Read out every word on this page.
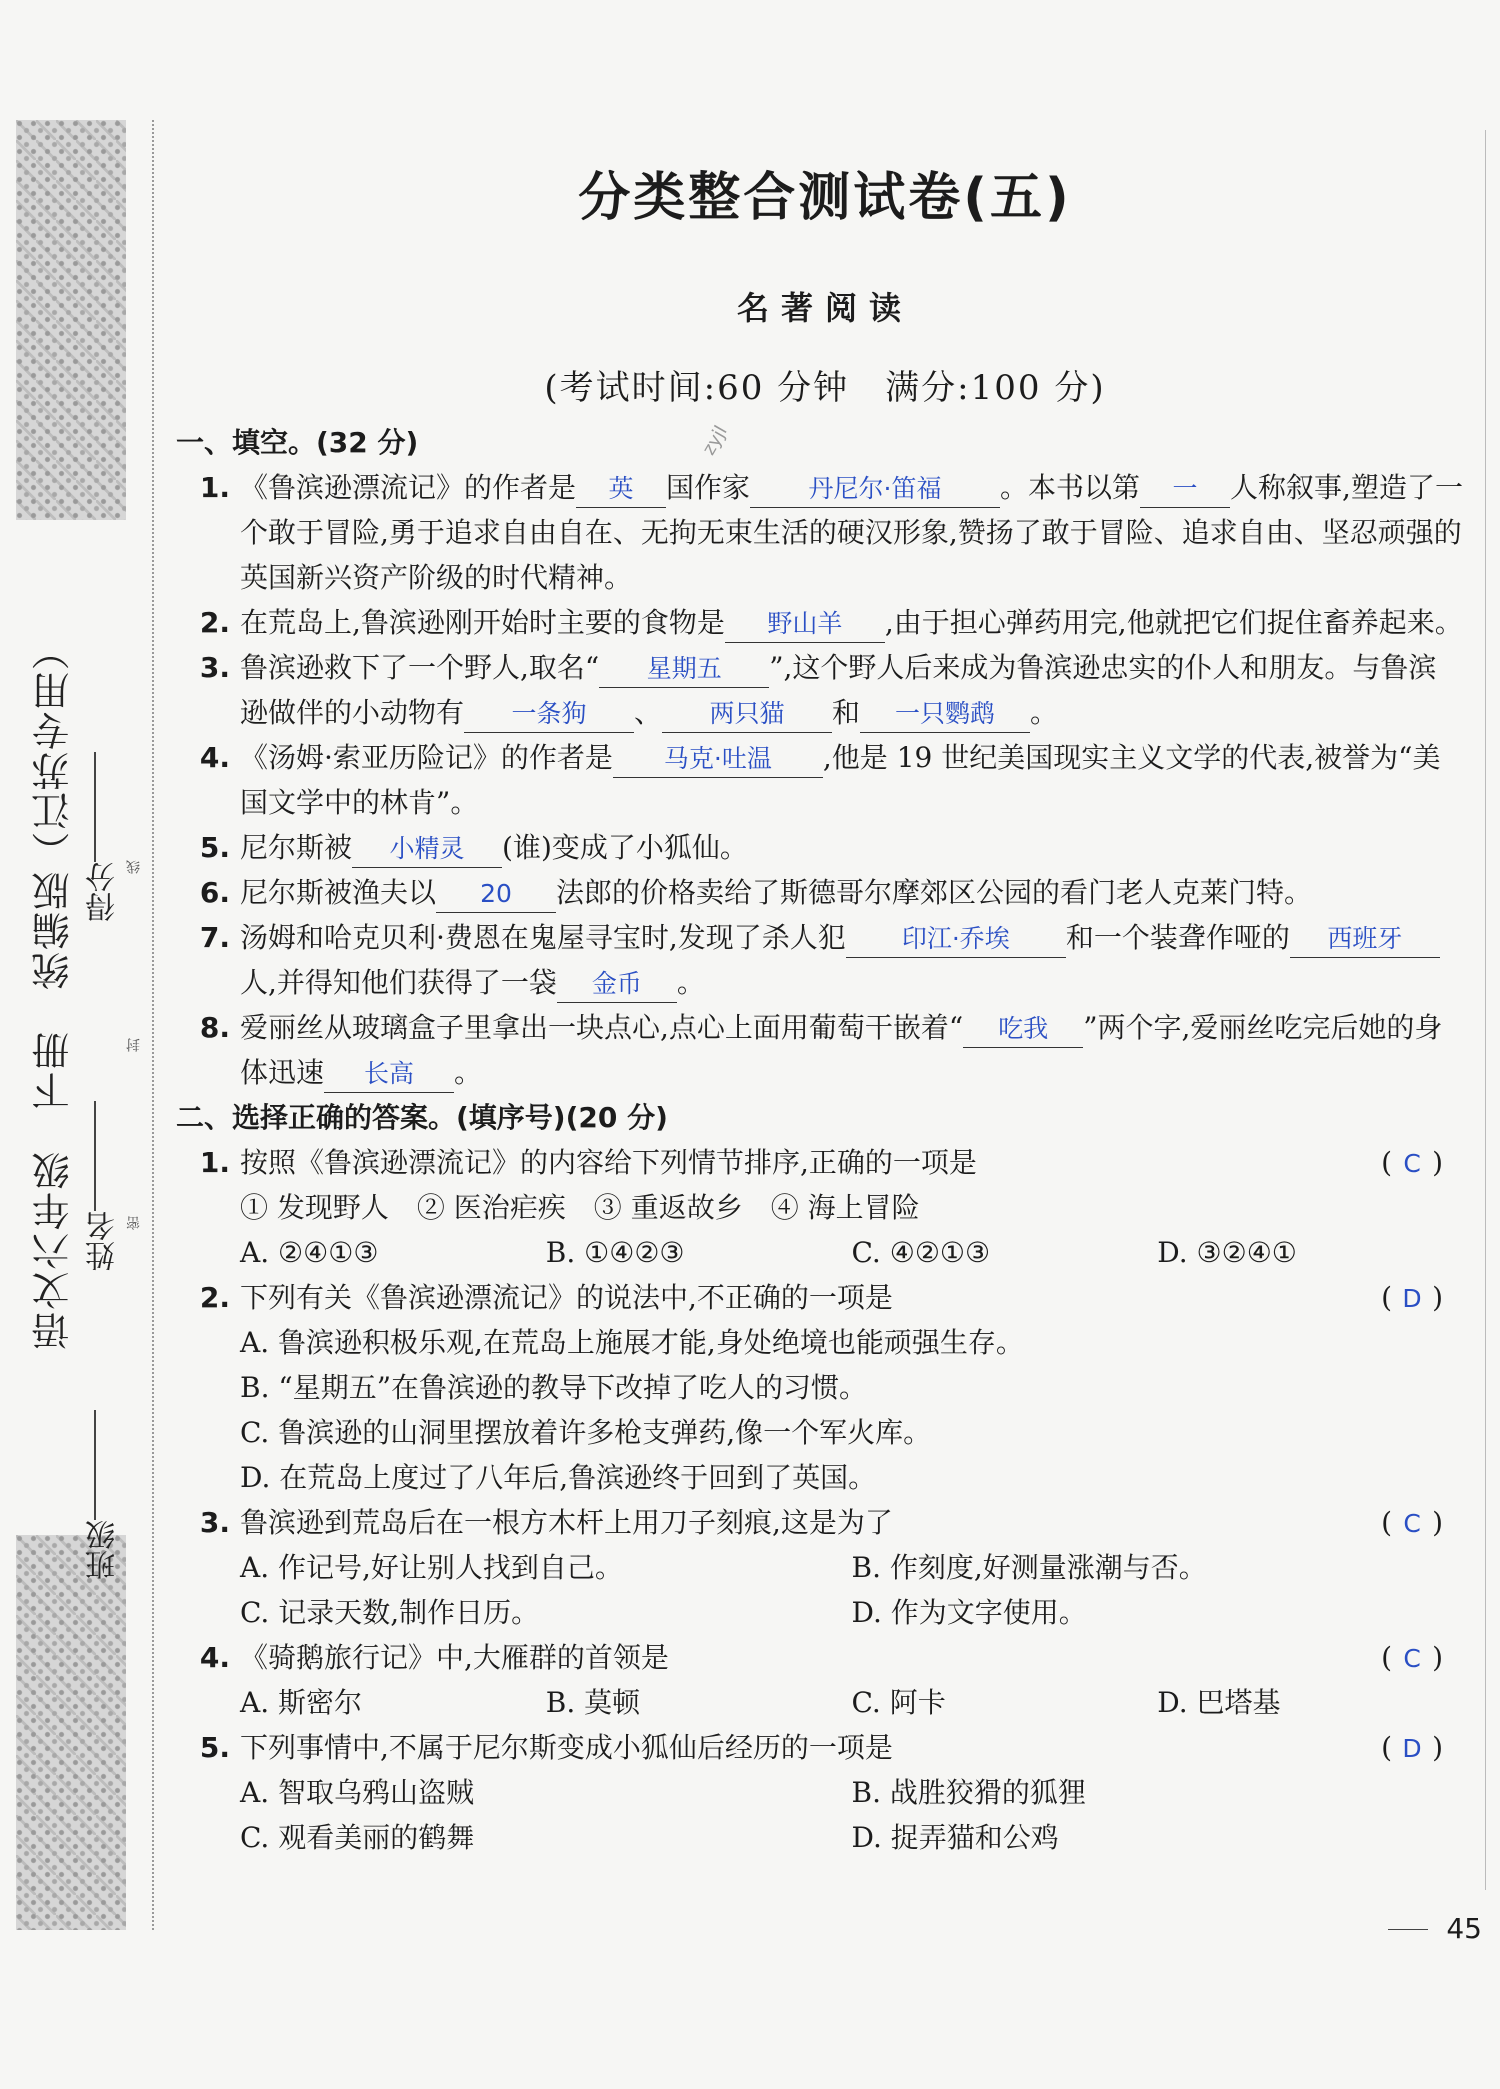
语文六年级　下册　统编版（江苏专用）
班级  姓名  得分
密
封
线
分类整合测试卷(五)
名著阅读
(考试时间:60 分钟　满分:100 分)
zyjl
一、填空。(32 分)
1. 《鲁滨逊漂流记》的作者是 英 国作家 丹尼尔·笛福 。本书以第 一 人称叙事,塑造了一个敢于冒险,勇于追求自由自在、无拘无束生活的硬汉形象,赞扬了敢于冒险、追求自由、坚忍顽强的英国新兴资产阶级的时代精神。
2. 在荒岛上,鲁滨逊刚开始时主要的食物是 野山羊 ,由于担心弹药用完,他就把它们捉住畜养起来。
3. 鲁滨逊救下了一个野人,取名“ 星期五 ”,这个野人后来成为鲁滨逊忠实的仆人和朋友。与鲁滨逊做伴的小动物有 一条狗 、 两只猫 和 一只鹦鹉 。
4. 《汤姆·索亚历险记》的作者是 马克·吐温 ,他是 19 世纪美国现实主义文学的代表,被誉为“美国文学中的林肯”。
5. 尼尔斯被 小精灵 (谁)变成了小狐仙。
6. 尼尔斯被渔夫以 20 法郎的价格卖给了斯德哥尔摩郊区公园的看门老人克莱门特。
7. 汤姆和哈克贝利·费恩在鬼屋寻宝时,发现了杀人犯 印江·乔埃 和一个装聋作哑的 西班牙人,并得知他们获得了一袋 金币 。
8. 爱丽丝从玻璃盒子里拿出一块点心,点心上面用葡萄干嵌着“ 吃我 ”两个字,爱丽丝吃完后她的身体迅速 长高 。
二、选择正确的答案。(填序号)(20 分)
1. 按照《鲁滨逊漂流记》的内容给下列情节排序,正确的一项是	( C )
① 发现野人　② 医治疟疾　③ 重返故乡　④ 海上冒险
A. ②④①③	B. ①④②③	C. ④②①③	D. ③②④①
2. 下列有关《鲁滨逊漂流记》的说法中,不正确的一项是	( D )
A. 鲁滨逊积极乐观,在荒岛上施展才能,身处绝境也能顽强生存。
B. “星期五”在鲁滨逊的教导下改掉了吃人的习惯。
C. 鲁滨逊的山洞里摆放着许多枪支弹药,像一个军火库。
D. 在荒岛上度过了八年后,鲁滨逊终于回到了英国。
3. 鲁滨逊到荒岛后在一根方木杆上用刀子刻痕,这是为了	( C )
A. 作记号,好让别人找到自己。	B. 作刻度,好测量涨潮与否。
C. 记录天数,制作日历。	D. 作为文字使用。
4. 《骑鹅旅行记》中,大雁群的首领是	( C )
A. 斯密尔	B. 莫顿	C. 阿卡	D. 巴塔基
5. 下列事情中,不属于尼尔斯变成小狐仙后经历的一项是	( D )
A. 智取乌鸦山盗贼	B. 战胜狡猾的狐狸
C. 观看美丽的鹤舞	D. 捉弄猫和公鸡
45
